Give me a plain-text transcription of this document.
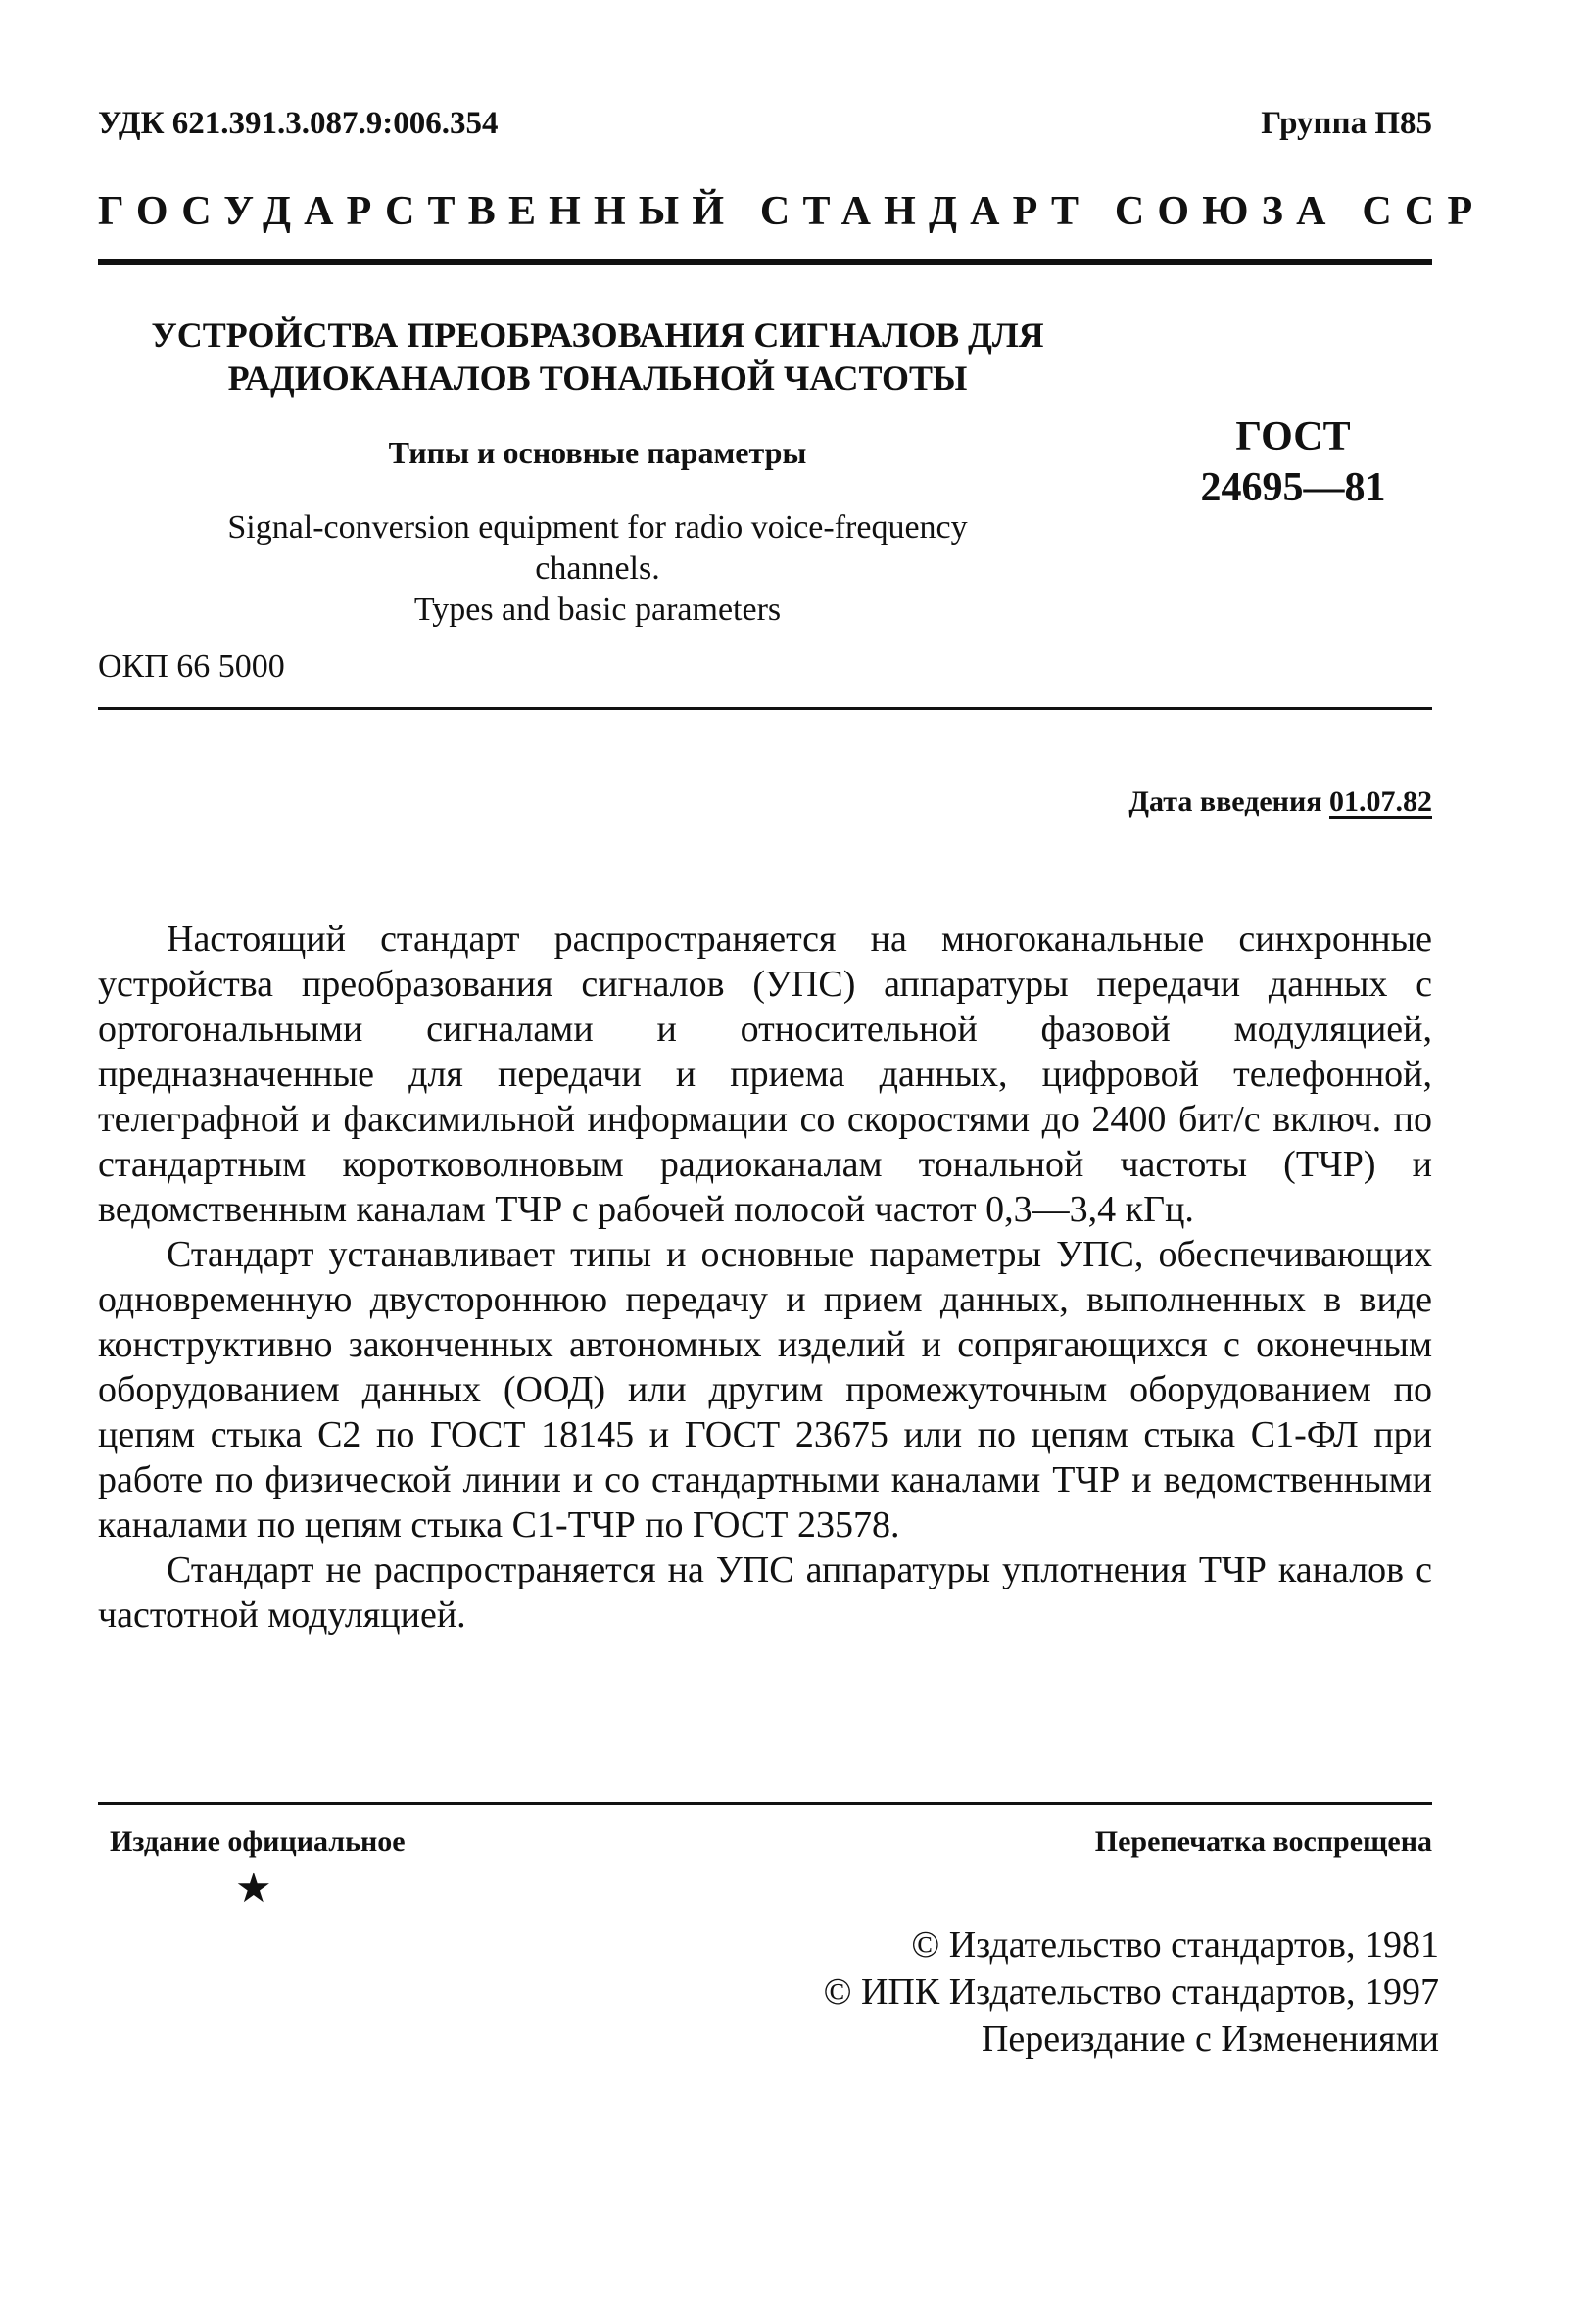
УДК 621.391.3.087.9:006.354	Группа П85
ГОСУДАРСТВЕННЫЙ СТАНДАРТ СОЮЗА ССР
УСТРОЙСТВА ПРЕОБРАЗОВАНИЯ СИГНАЛОВ ДЛЯ
РАДИОКАНАЛОВ ТОНАЛЬНОЙ ЧАСТОТЫ
Типы и основные параметры	ГОСТ
24695—81
Signal-conversion equipment for radio voice-frequency
channels.
Types and basic parameters
ОКП 66 5000
Дата введения 01.07.82

Настоящий стандарт распространяется на многоканальные синхронные устройства преобразования сигналов (УПС) аппаратуры передачи данных с ортогональными сигналами и относительной фазовой модуляцией, предназначенные для передачи и приема данных, цифровой телефонной, телеграфной и факсимильной информации со скоростями до 2400 бит/с включ. по стандартным коротковолновым радиоканалам тональной частоты (ТЧР) и ведомственным каналам ТЧР с рабочей полосой частот 0,3—3,4 кГц.

Стандарт устанавливает типы и основные параметры УПС, обеспечивающих одновременную двустороннюю передачу и прием данных, выполненных в виде конструктивно законченных автономных изделий и сопрягающихся с оконечным оборудованием данных (ООД) или другим промежуточным оборудованием по цепям стыка С2 по ГОСТ 18145 и ГОСТ 23675 или по цепям стыка С1-ФЛ при работе по физической линии и со стандартными каналами ТЧР и ведомственными каналами по цепям стыка С1-ТЧР по ГОСТ 23578.

Стандарт не распространяется на УПС аппаратуры уплотнения ТЧР каналов с частотной модуляцией.

Издание официальное	Перепечатка воспрещена
★
© Издательство стандартов, 1981
© ИПК Издательство стандартов, 1997
Переиздание с Изменениями
